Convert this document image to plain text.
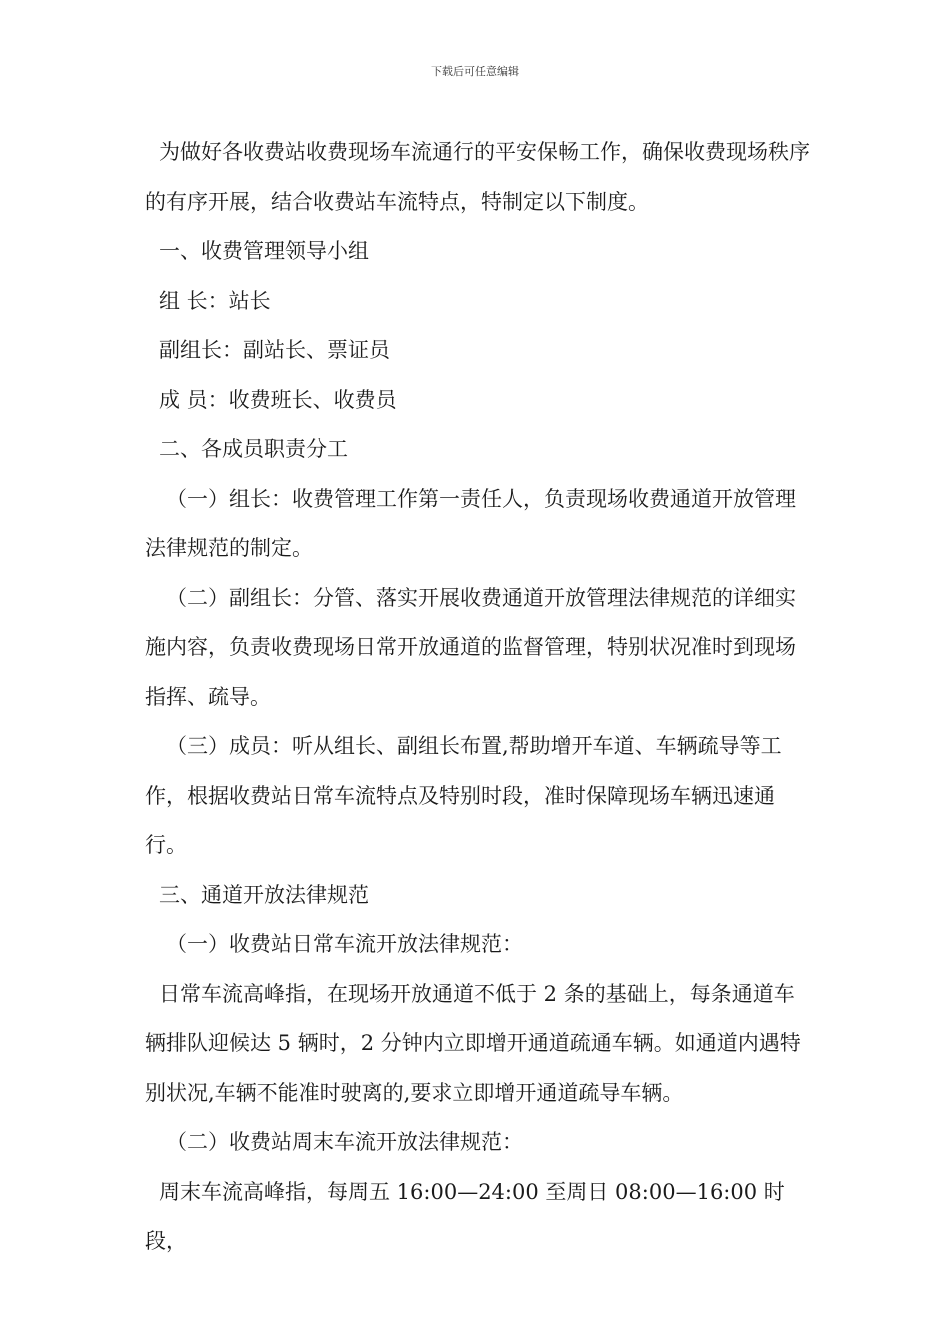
下载后可任意编辑

为做好各收费站收费现场车流通行的平安保畅工作，确保收费现场秩序的有序开展，结合收费站车流特点，特制定以下制度。

一、收费管理领导小组

组 长：站长

副组长：副站长、票证员

成 员：收费班长、收费员

二、各成员职责分工

（一）组长：收费管理工作第一责任人，负责现场收费通道开放管理法律规范的制定。

（二）副组长：分管、落实开展收费通道开放管理法律规范的详细实施内容，负责收费现场日常开放通道的监督管理，特别状况准时到现场指挥、疏导。

（三）成员：听从组长、副组长布置,帮助增开车道、车辆疏导等工作，根据收费站日常车流特点及特别时段，准时保障现场车辆迅速通行。

三、通道开放法律规范

（一）收费站日常车流开放法律规范：

日常车流高峰指，在现场开放通道不低于 2 条的基础上，每条通道车辆排队迎候达 5 辆时，2 分钟内立即增开通道疏通车辆。如通道内遇特别状况,车辆不能准时驶离的,要求立即增开通道疏导车辆。

（二）收费站周末车流开放法律规范：

周末车流高峰指，每周五 16:00—24:00 至周日 08:00—16:00 时段，
